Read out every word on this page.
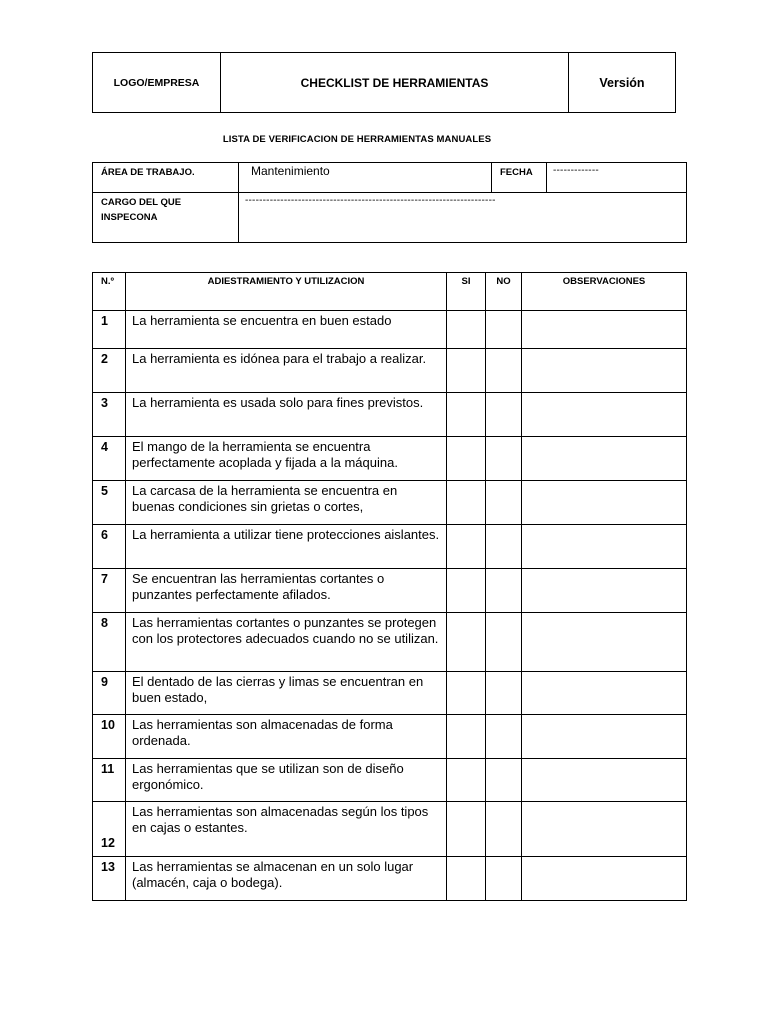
LOGO/EMPRESA	CHECKLIST DE HERRAMIENTAS	Versión
LISTA DE VERIFICACION DE HERRAMIENTAS MANUALES
ÁREA DE TRABAJO.	Mantenimiento	FECHA	-------------
CARGO DEL QUE
INSPECONA	-----------------------------------------------------------------------		
N.º	ADIESTRAMIENTO Y UTILIZACION	SI	NO	OBSERVACIONES
1	La herramienta se encuentra en buen estado			
2	La herramienta es idónea para el trabajo a realizar.			
3	La herramienta es usada solo para fines previstos.			
4	El mango de la herramienta se encuentra perfectamente acoplada y fijada a la máquina.			
5	La carcasa de la herramienta se encuentra en buenas condiciones sin grietas o cortes,			
6	La herramienta a utilizar tiene protecciones aislantes.			
7	Se encuentran las herramientas cortantes o punzantes perfectamente afilados.			
8	Las herramientas cortantes o punzantes se protegen con los protectores adecuados cuando no se utilizan.			
9	El dentado de las cierras y limas se encuentran en buen estado,			
10	Las herramientas son almacenadas de forma ordenada.			
11	Las herramientas que se utilizan son de diseño ergonómico.			
12	Las herramientas son almacenadas según los tipos en cajas o estantes.			
13	Las herramientas se almacenan en un solo lugar (almacén, caja o bodega).			
